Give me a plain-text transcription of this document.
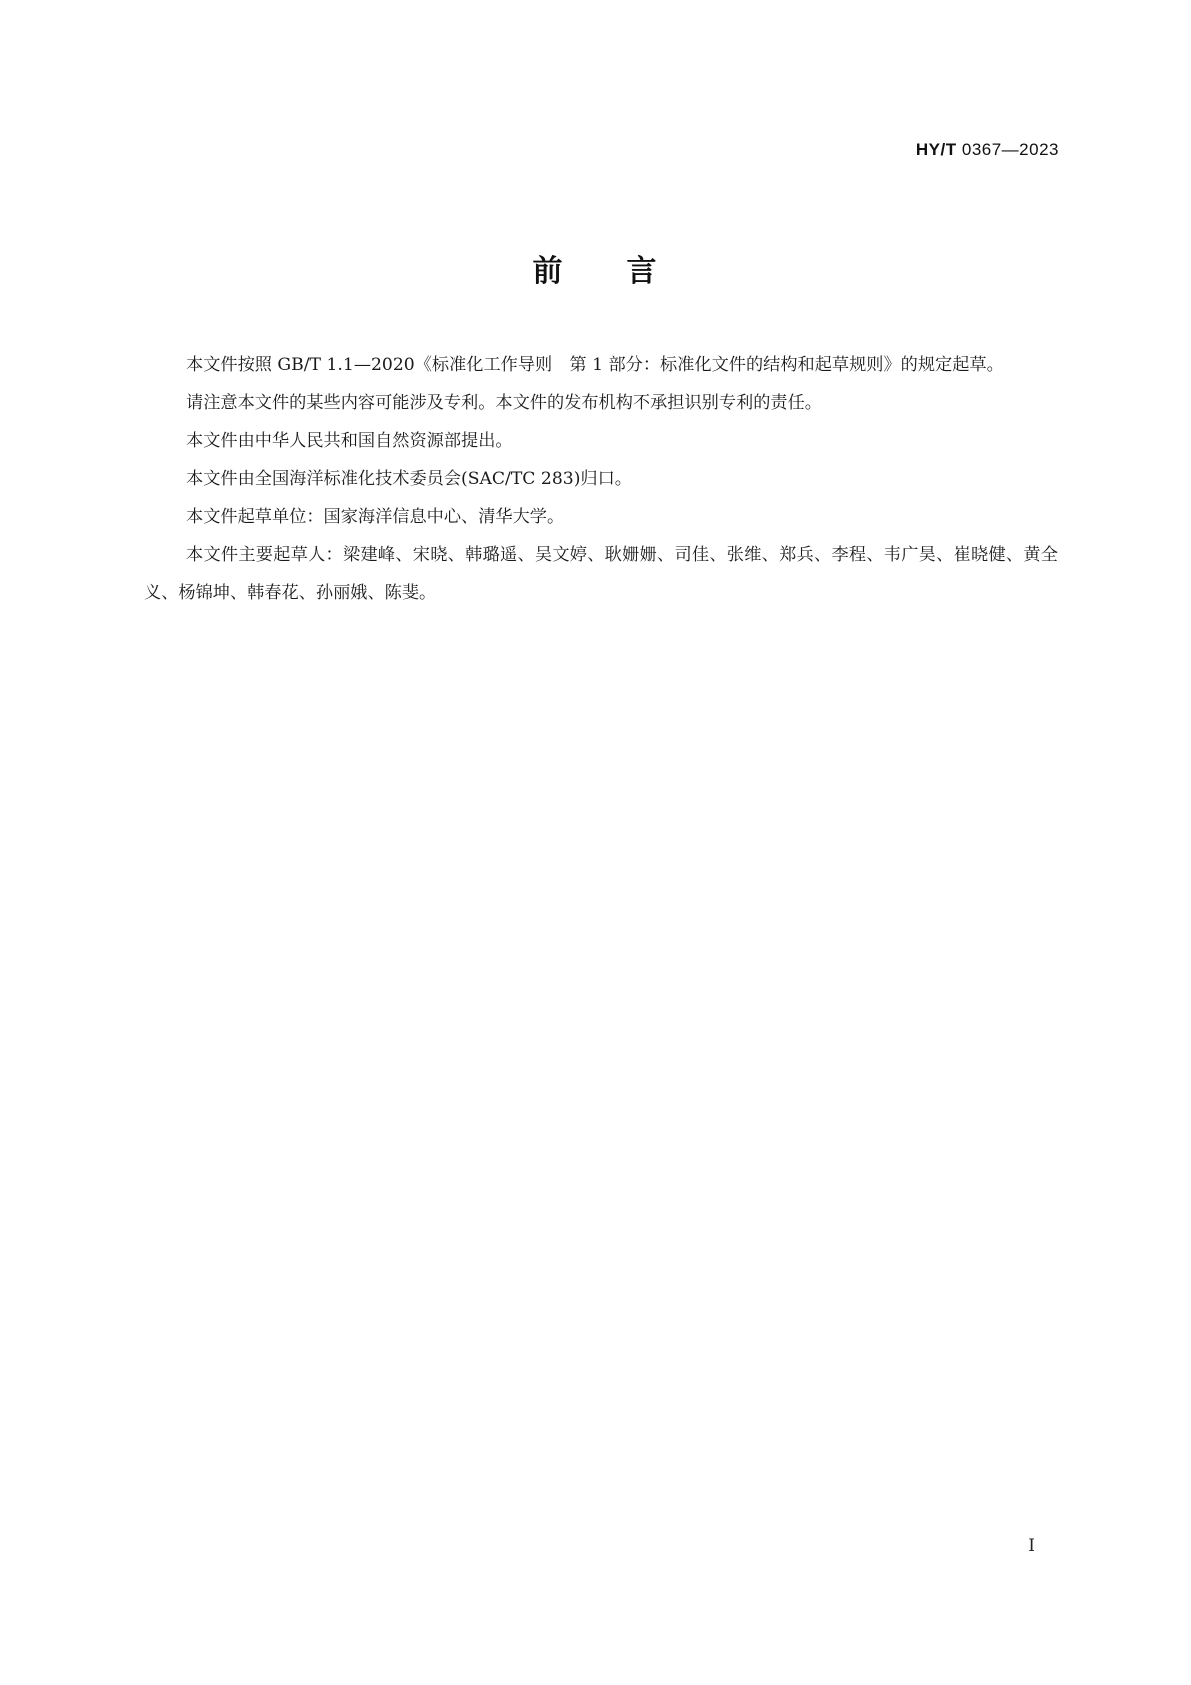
HY/T 0367—2023
前 言

本文件按照 GB/T 1.1—2020《标准化工作导则　第 1 部分：标准化文件的结构和起草规则》的规定起草。

请注意本文件的某些内容可能涉及专利。本文件的发布机构不承担识别专利的责任。

本文件由中华人民共和国自然资源部提出。

本文件由全国海洋标准化技术委员会(SAC/TC 283)归口。

本文件起草单位：国家海洋信息中心、清华大学。

本文件主要起草人：梁建峰、宋晓、韩璐遥、吴文婷、耿姗姗、司佳、张维、郑兵、李程、韦广昊、崔晓健、黄全义、杨锦坤、韩春花、孙丽娥、陈斐。

I
